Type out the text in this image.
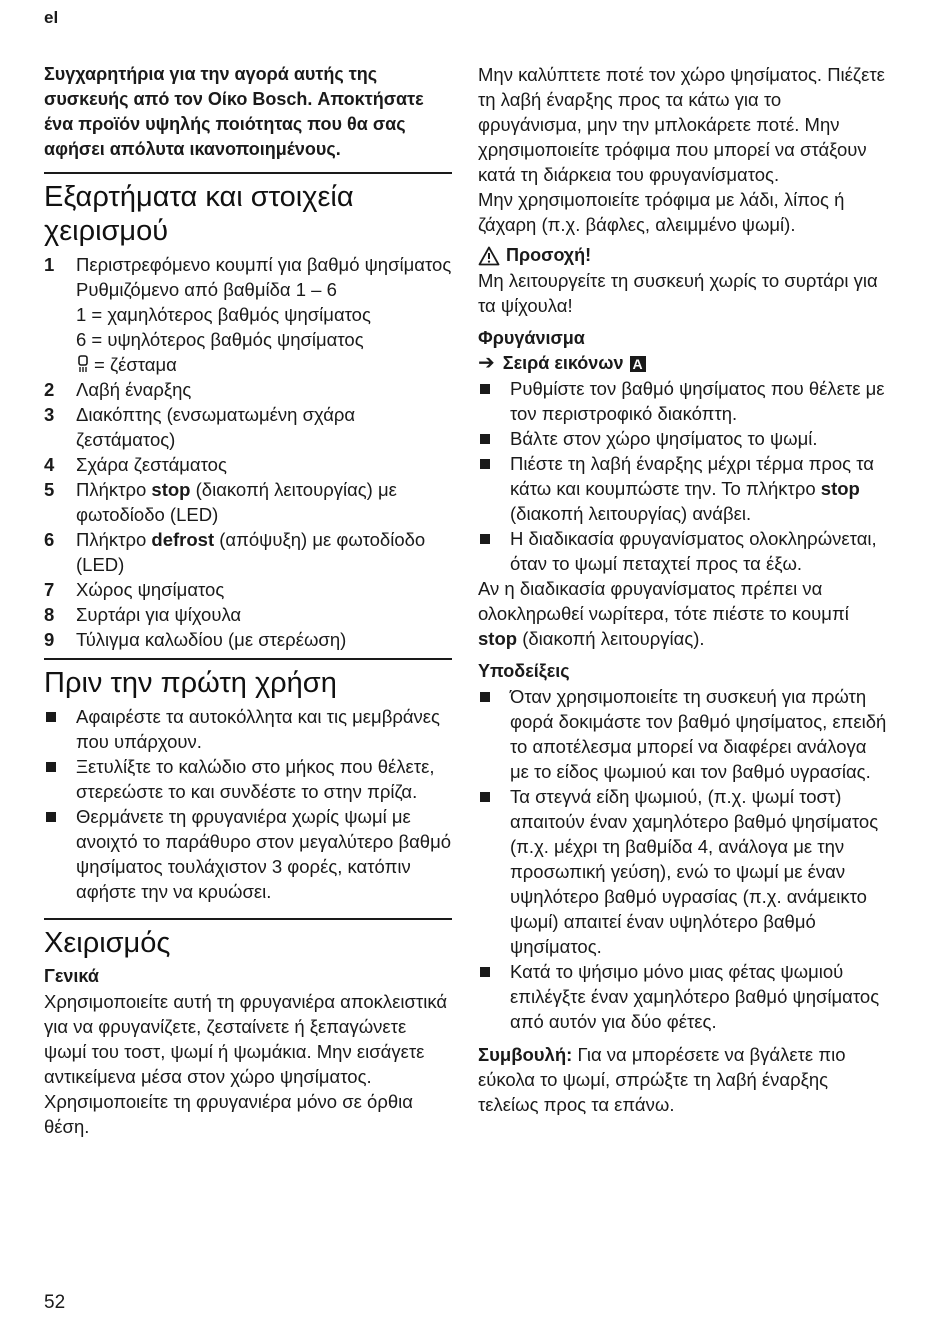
el

Συγχαρητήρια για την αγορά αυτής της συσκευής από τον Οίκο Bosch. Αποκτήσατε ένα προϊόν υψηλής ποιότητας που θα σας αφήσει απόλυτα ικανοποιημένους.

Εξαρτήματα και στοιχεία χειρισμού
1	Περιστρεφόμενο κουμπί για βαθμό ψησίματος
Ρυθμιζόμενο από βαθμίδα 1 – 6
1 = χαμηλότερος βαθμός ψησίματος
6 = υψηλότερος βαθμός ψησίματος
= ζέσταμα
2	Λαβή έναρξης
3	Διακόπτης (ενσωματωμένη σχάρα ζεστάματος)
4	Σχάρα ζεστάματος
5	Πλήκτρο stop (διακοπή λειτουργίας) με φωτοδίοδο (LED)
6	Πλήκτρο defrost (απόψυξη) με φωτοδίοδο (LED)
7	Χώρος ψησίματος
8	Συρτάρι για ψίχουλα
9	Τύλιγμα καλωδίου (με στερέωση)
Πριν την πρώτη χρήση
Αφαιρέστε τα αυτοκόλλητα και τις μεμβράνες που υπάρχουν.
Ξετυλίξτε το καλώδιο στο μήκος που θέλετε, στερεώστε το και συνδέστε το στην πρίζα.
Θερμάνετε τη φρυγανιέρα χωρίς ψωμί με ανοιχτό το παράθυρο στον μεγαλύτερο βαθμό ψησίματος τουλάχιστον 3 φορές, κατόπιν αφήστε την να κρυώσει.
Χειρισμός
Γενικά

Χρησιμοποιείτε αυτή τη φρυγανιέρα αποκλειστικά για να φρυγανίζετε, ζεσταίνετε ή ξεπαγώνετε ψωμί του τοστ, ψωμί ή ψωμάκια. Μην εισάγετε αντικείμενα μέσα στον χώρο ψησίματος. Χρησιμοποιείτε τη φρυγανιέρα μόνο σε όρθια θέση.

Μην καλύπτετε ποτέ τον χώρο ψησίματος. Πιέζετε τη λαβή έναρξης προς τα κάτω για το φρυγάνισμα, μην την μπλοκάρετε ποτέ. Μην χρησιμοποιείτε τρόφιμα που μπορεί να στάξουν κατά τη διάρκεια του φρυγανίσματος.

Μην χρησιμοποιείτε τρόφιμα με λάδι, λίπος ή ζάχαρη (π.χ. βάφλες, αλειμμένο ψωμί).

Προσοχή!

Μη λειτουργείτε τη συσκευή χωρίς το συρτάρι για τα ψίχουλα!

Φρυγάνισμα
➔ Σειρά εικόνων A
Ρυθμίστε τον βαθμό ψησίματος που θέλετε με τον περιστροφικό διακόπτη.
Βάλτε στον χώρο ψησίματος το ψωμί.
Πιέστε τη λαβή έναρξης μέχρι τέρμα προς τα κάτω και κουμπώστε την. Το πλήκτρο stop (διακοπή λειτουργίας) ανάβει.
Η διαδικασία φρυγανίσματος ολοκληρώνεται, όταν το ψωμί πεταχτεί προς τα έξω.

Αν η διαδικασία φρυγανίσματος πρέπει να ολοκληρωθεί νωρίτερα, τότε πιέστε το κουμπί stop (διακοπή λειτουργίας).

Υποδείξεις
Όταν χρησιμοποιείτε τη συσκευή για πρώτη φορά δοκιμάστε τον βαθμό ψησίματος, επειδή το αποτέλεσμα μπορεί να διαφέρει ανάλογα με το είδος ψωμιού και τον βαθμό υγρασίας.
Τα στεγνά είδη ψωμιού, (π.χ. ψωμί τοστ) απαιτούν έναν χαμηλότερο βαθμό ψησίματος (π.χ. μέχρι τη βαθμίδα 4, ανάλογα με την προσωπική γεύση), ενώ το ψωμί με έναν υψηλότερο βαθμό υγρασίας (π.χ. ανάμεικτο ψωμί) απαιτεί έναν υψηλότερο βαθμό ψησίματος.
Κατά το ψήσιμο μόνο μιας φέτας ψωμιού επιλέγξτε έναν χαμηλότερο βαθμό ψησίματος από αυτόν για δύο φέτες.

Συμβουλή: Για να μπορέσετε να βγάλετε πιο εύκολα το ψωμί, σπρώξτε τη λαβή έναρξης τελείως προς τα επάνω.

52
